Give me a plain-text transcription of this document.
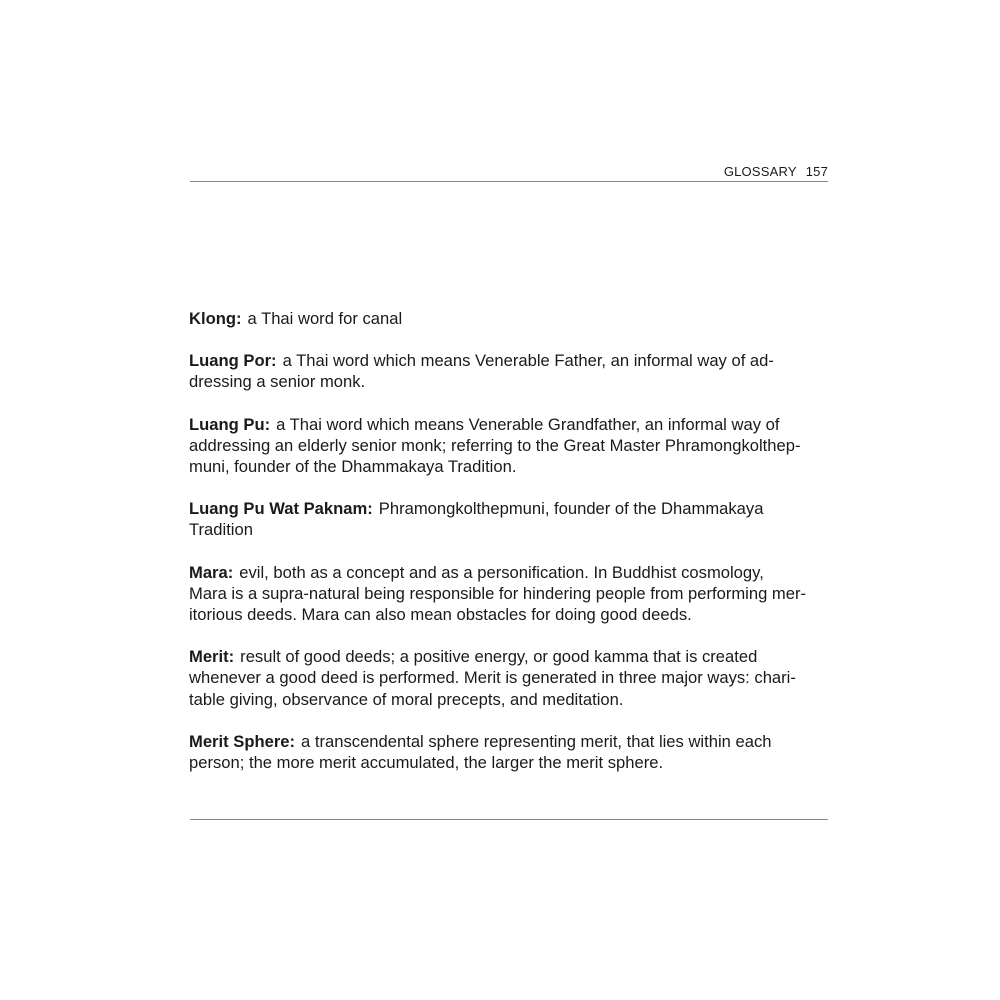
GLOSSARY 157

Klong: a Thai word for canal

Luang Por: a Thai word which means Venerable Father, an informal way of ad-
dressing a senior monk.

Luang Pu: a Thai word which means Venerable Grandfather, an informal way of
addressing an elderly senior monk; referring to the Great Master Phramongkolthep-
muni, founder of the Dhammakaya Tradition.

Luang Pu Wat Paknam: Phramongkolthepmuni, founder of the Dhammakaya
Tradition

Mara: evil, both as a concept and as a personification. In Buddhist cosmology,
Mara is a supra-natural being responsible for hindering people from performing mer-
itorious deeds. Mara can also mean obstacles for doing good deeds.

Merit: result of good deeds; a positive energy, or good kamma that is created
whenever a good deed is performed. Merit is generated in three major ways: chari-
table giving, observance of moral precepts, and meditation.

Merit Sphere: a transcendental sphere representing merit, that lies within each
person; the more merit accumulated, the larger the merit sphere.
